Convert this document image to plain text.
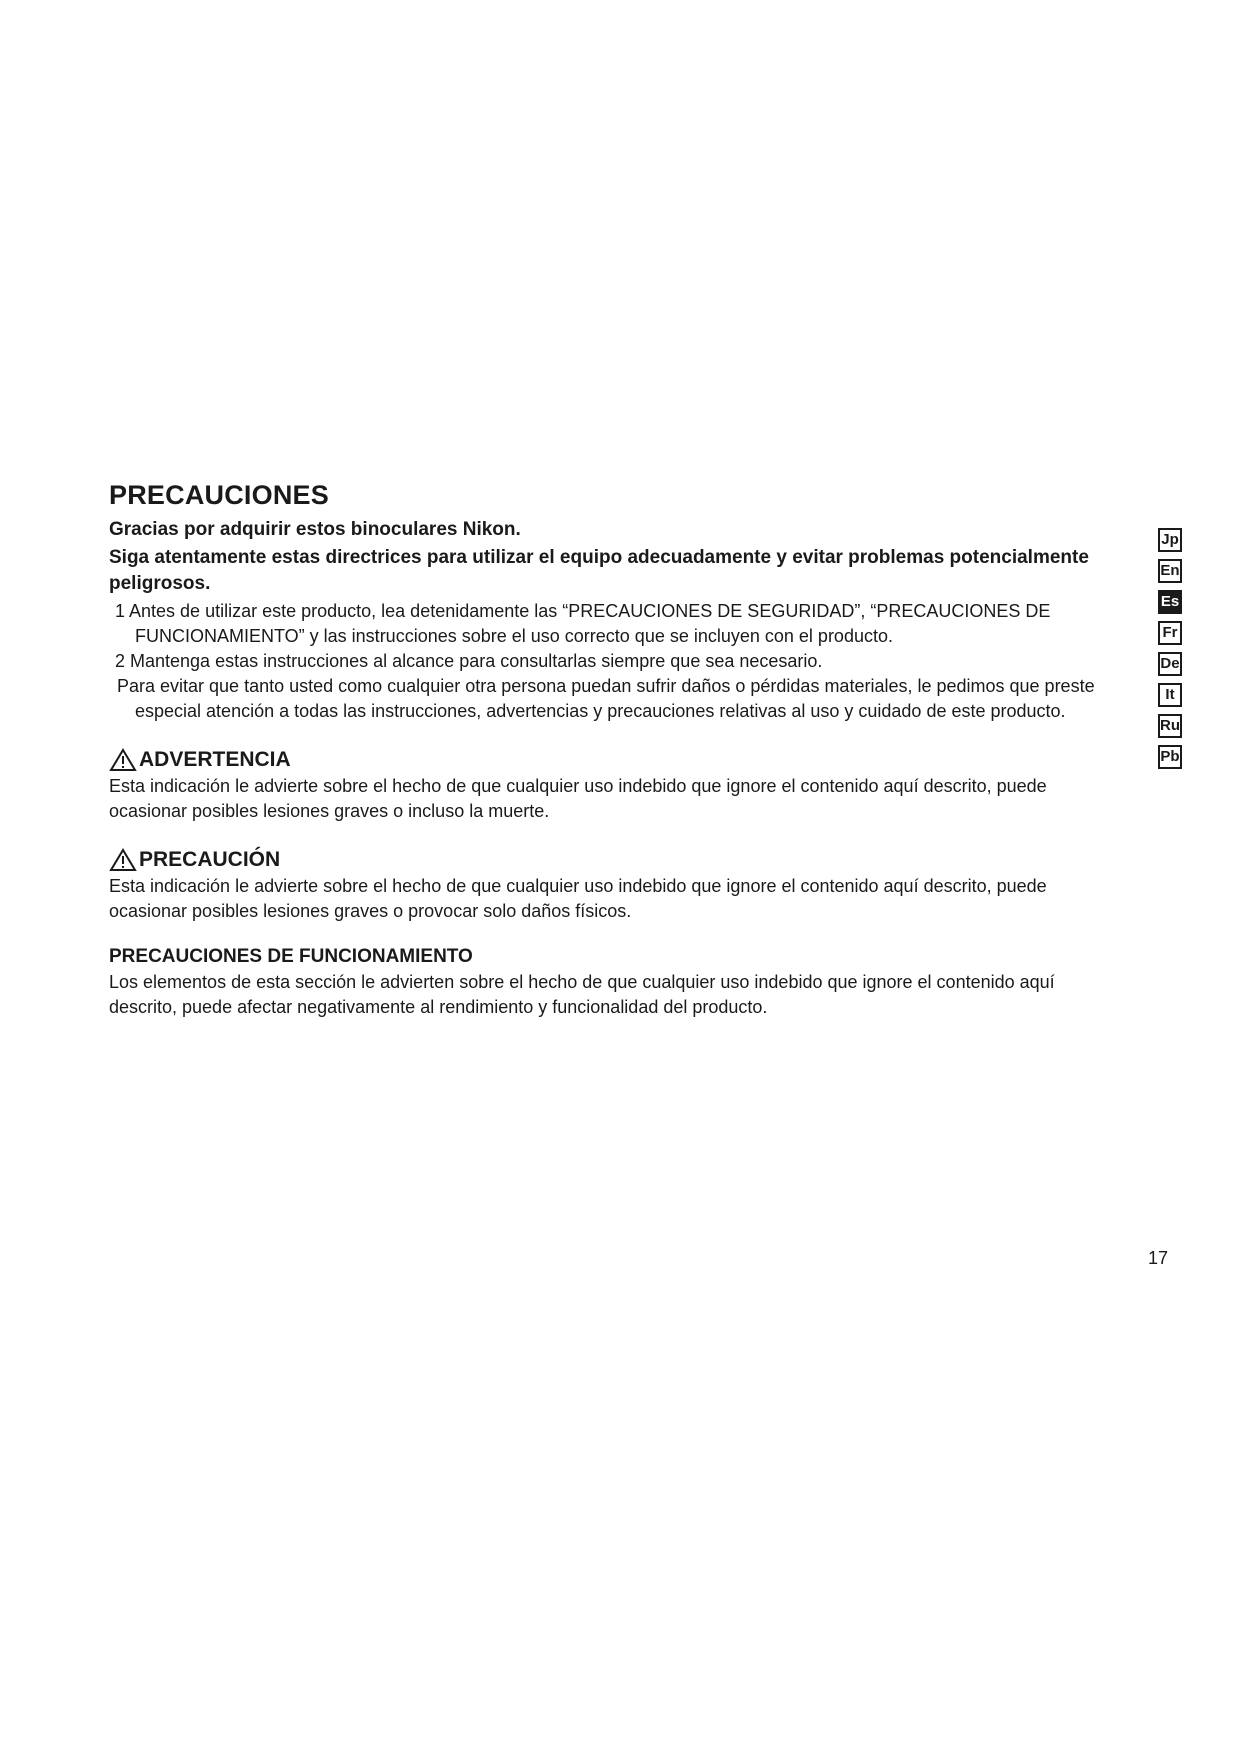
PRECAUCIONES

Gracias por adquirir estos binoculares Nikon.

Siga atentamente estas directrices para utilizar el equipo adecuadamente y evitar problemas potencialmente peligrosos.

1 Antes de utilizar este producto, lea detenidamente las “PRECAUCIONES DE SEGURIDAD”, “PRECAUCIONES DE FUNCIONAMIENTO” y las instrucciones sobre el uso correcto que se incluyen con el producto.

2 Mantenga estas instrucciones al alcance para consultarlas siempre que sea necesario.

Para evitar que tanto usted como cualquier otra persona puedan sufrir daños o pérdidas materiales, le pedimos que preste especial atención a todas las instrucciones, advertencias y precauciones relativas al uso y cuidado de este producto.

ADVERTENCIA

Esta indicación le advierte sobre el hecho de que cualquier uso indebido que ignore el contenido aquí descrito, puede ocasionar posibles lesiones graves o incluso la muerte.

PRECAUCIÓN

Esta indicación le advierte sobre el hecho de que cualquier uso indebido que ignore el contenido aquí descrito, puede ocasionar posibles lesiones graves o provocar solo daños físicos.

PRECAUCIONES DE FUNCIONAMIENTO

Los elementos de esta sección le advierten sobre el hecho de que cualquier uso indebido que ignore el contenido aquí descrito, puede afectar negativamente al rendimiento y funcionalidad del producto.

Jp
En
Es
Fr
De
It
Ru
Pb
17
